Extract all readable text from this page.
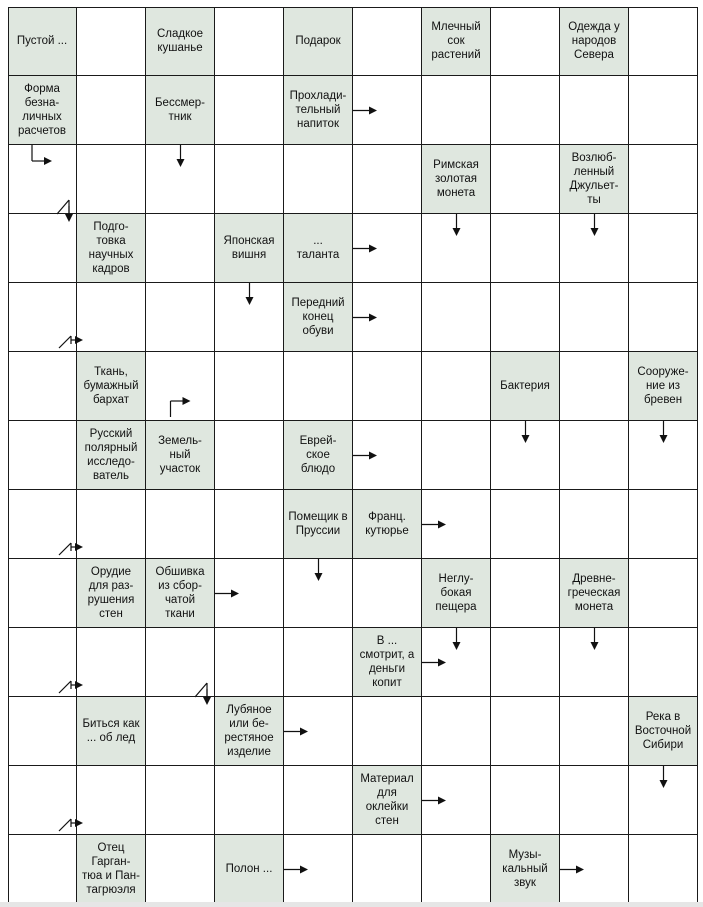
Пустой ...
Сладкое
кушанье
Подарок
Млечный
сок
растений
Одежда у
народов
Севера
Форма
безна-
личных
расчетов
Бессмер-
тник
Прохлади-
тельный
напиток
Римская
золотая
монета
Возлюб-
ленный
Джульет-
ты
Подго-
товка
научных
кадров
Японская
вишня
...
таланта
Передний
конец
обуви
Ткань,
бумажный
бархат
Бактерия
Сооруже-
ние из
бревен
Русский
полярный
исследо-
ватель
Земель-
ный
участок
Еврей-
ское
блюдо
Помещик в
Пруссии
Франц.
кутюрье
Орудие
для раз-
рушения
стен
Обшивка
из сбор-
чатой
ткани
Неглу-
бокая
пещера
Древне-
греческая
монета
В ...
смотрит, а
деньги
копит
Биться как
... об лед
Лубяное
или бе-
рестяное
изделие
Река в
Восточной
Сибири
Материал
для
оклейки
стен
Отец
Гарган-
тюа и Пан-
тагрюэля
Полон ...
Музы-
кальный
звук
